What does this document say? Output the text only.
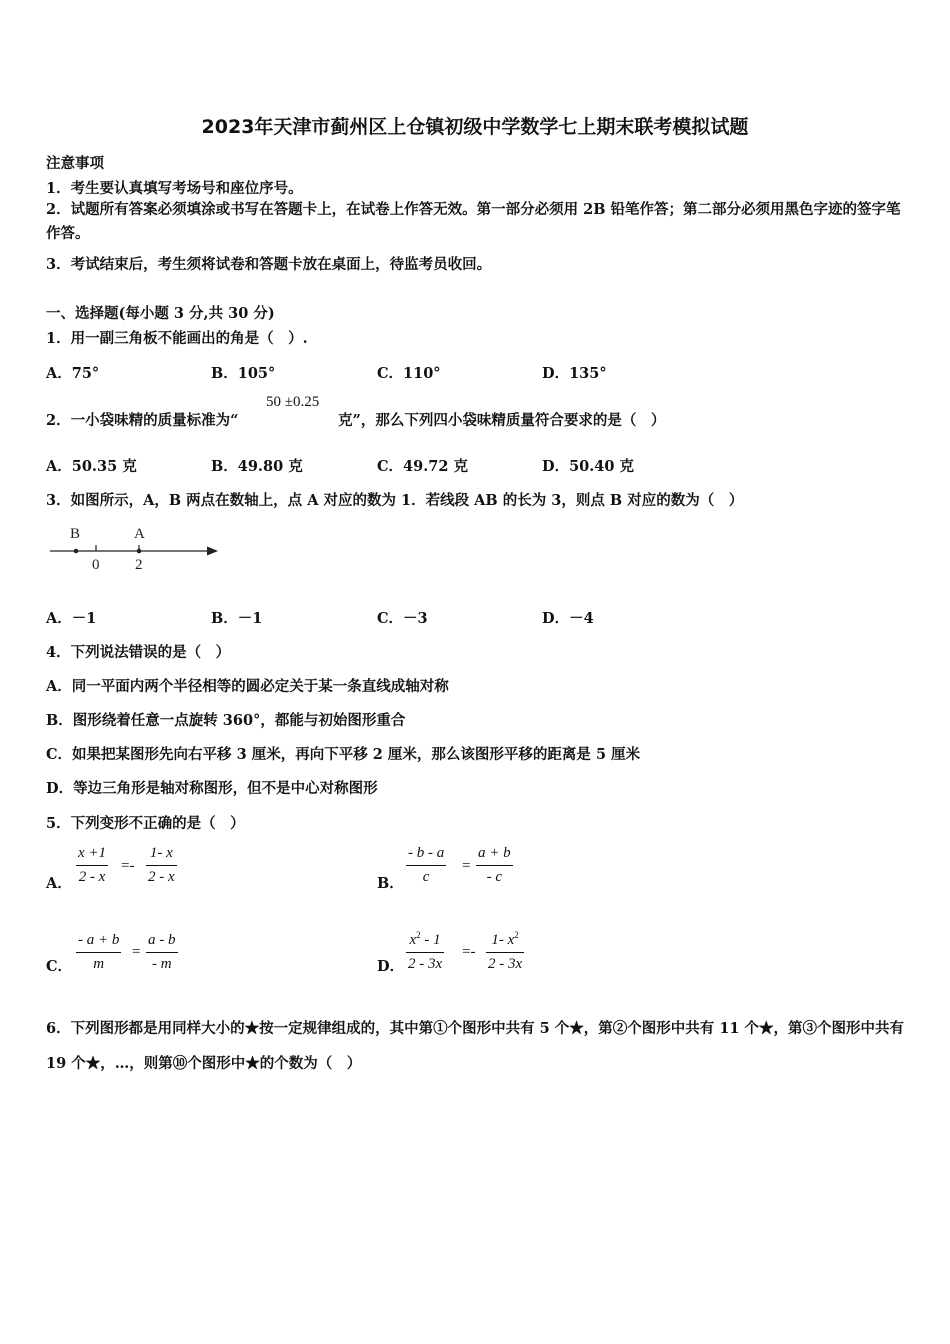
2023年天津市蓟州区上仓镇初级中学数学七上期末联考模拟试题
注意事项
1．考生要认真填写考场号和座位序号。
2．试题所有答案必须填涂或书写在答题卡上，在试卷上作答无效。第一部分必须用 2B 铅笔作答；第二部分必须用黑色字迹的签字笔作答。
3．考试结束后，考生须将试卷和答题卡放在桌面上，待监考员收回。
一、选择题(每小题 3 分,共 30 分)
1．用一副三角板不能画出的角是（　）.
A．75°	B．105°	C．110°	D．135°
2．一小袋味精的质量标准为“
50 ±0.25
克”，那么下列四小袋味精质量符合要求的是（　）
A．50.35 克	B．49.80 克	C．49.72 克	D．50.40 克
3．如图所示，A，B 两点在数轴上，点 A 对应的数为 1．若线段 AB 的长为 3，则点 B 对应的数为（　）
B	A
0 2
A．－1	B．－1	C．－3	D．－4
4．下列说法错误的是（　）
A．同一平面内两个半径相等的圆必定关于某一条直线成轴对称
B．图形绕着任意一点旋转 360°，都能与初始图形重合
C．如果把某图形先向右平移 3 厘米，再向下平移 2 厘米，那么该图形平移的距离是 5 厘米
D．等边三角形是轴对称图形，但不是中心对称图形
5．下列变形不正确的是（　）
A． $\frac{x +1}{2 - x} =- \frac{1- x}{2 - x}$	B． $\frac{- b - a}{c} = \frac{a + b}{- c}$
C． $\frac{- a + b}{m} = \frac{a - b}{- m}$	D． $\frac{x^2 - 1}{2 - 3x} =- \frac{1- x^2}{2 - 3x}$
6．下列图形都是用同样大小的★按一定规律组成的，其中第①个图形中共有 5 个★，第②个图形中共有 11 个★，第③个图形中共有 19 个★，…，则第⑩个图形中★的个数为（　）
